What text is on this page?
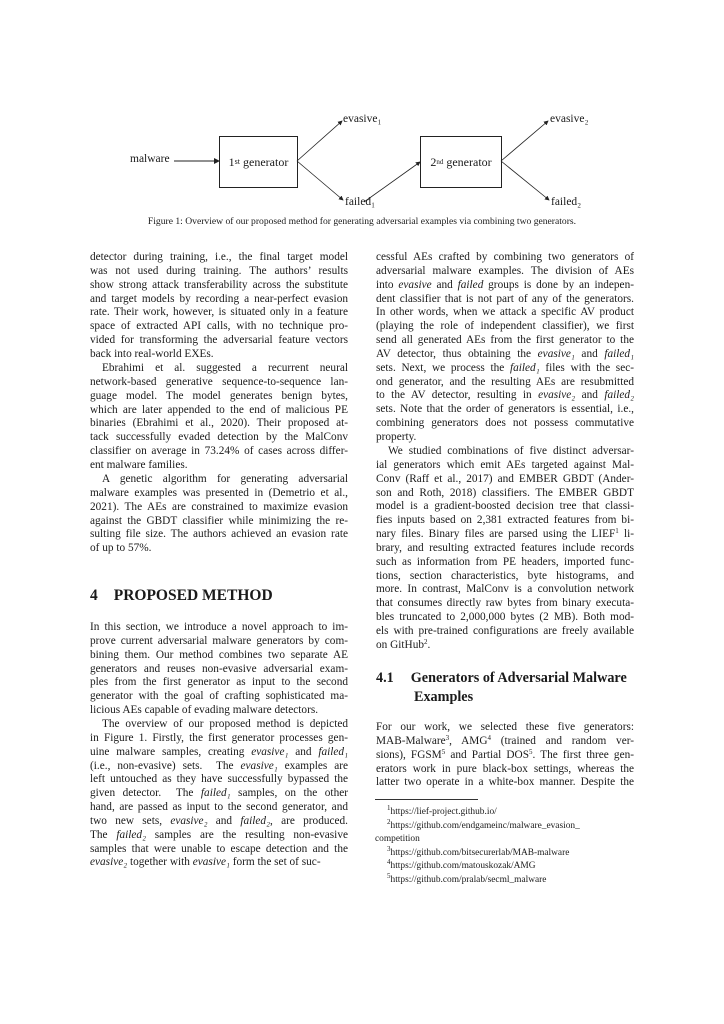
malware	1 st generator	2 nd generator
evasive₁
failed₁
evasive₂
failed₂
Figure 1: Overview of our proposed method for generating adversarial examples via combining two generators.
detector during training, i.e., the final target model
was not used during training. The authors’ results
show strong attack transferability across the substitute
and target models by recording a near-perfect evasion
rate. Their work, however, is situated only in a feature
space of extracted API calls, with no technique pro-
vided for transforming the adversarial feature vectors
back into real-world EXEs.
Ebrahimi et al. suggested a recurrent neural
network-based generative sequence-to-sequence lan-
guage model. The model generates benign bytes,
which are later appended to the end of malicious PE
binaries (Ebrahimi et al., 2020). Their proposed at-
tack successfully evaded detection by the MalConv
classifier on average in 73.24% of cases across differ-
ent malware families.
A genetic algorithm for generating adversarial
malware examples was presented in (Demetrio et al.,
2021). The AEs are constrained to maximize evasion
against the GBDT classifier while minimizing the re-
sulting file size. The authors achieved an evasion rate
of up to 57%.
4 PROPOSED METHOD
In this section, we introduce a novel approach to im-
prove current adversarial malware generators by com-
bining them. Our method combines two separate AE
generators and reuses non-evasive adversarial exam-
ples from the first generator as input to the second
generator with the goal of crafting sophisticated ma-
licious AEs capable of evading malware detectors.
The overview of our proposed method is depicted
in Figure 1. Firstly, the first generator processes gen-
uine malware samples, creating evasive₁ and failed₁
(i.e., non-evasive) sets.  The evasive₁ examples are
left untouched as they have successfully bypassed the
given detector.  The failed₁ samples, on the other
hand, are passed as input to the second generator, and
two new sets, evasive₂ and failed₂, are produced.
The failed₂ samples are the resulting non-evasive
samples that were unable to escape detection and the
evasive₂ together with evasive₁ form the set of suc-
cessful AEs crafted by combining two generators of
adversarial malware examples. The division of AEs
into evasive and failed groups is done by an indepen-
dent classifier that is not part of any of the generators.
In other words, when we attack a specific AV product
(playing the role of independent classifier), we first
send all generated AEs from the first generator to the
AV detector, thus obtaining the evasive₁ and failed₁
sets. Next, we process the failed₁ files with the sec-
ond generator, and the resulting AEs are resubmitted
to the AV detector, resulting in evasive₂ and failed₂
sets. Note that the order of generators is essential, i.e.,
combining generators does not possess commutative
property.
We studied combinations of five distinct adversar-
ial generators which emit AEs targeted against Mal-
Conv (Raff et al., 2017) and EMBER GBDT (Ander-
son and Roth, 2018) classifiers. The EMBER GBDT
model is a gradient-boosted decision tree that classi-
fies inputs based on 2,381 extracted features from bi-
nary files. Binary files are parsed using the LIEF$^1$ li-
brary, and resulting extracted features include records
such as information from PE headers, imported func-
tions, section characteristics, byte histograms, and
more. In contrast, MalConv is a convolution network
that consumes directly raw bytes from binary executa-
bles truncated to 2,000,000 bytes (2 MB). Both mod-
els with pre-trained configurations are freely available
on GitHub$^2$.
4.1 Generators of Adversarial Malware
Examples
For our work, we selected these five generators:
MAB-Malware$^3$, AMG$^4$ (trained and random ver-
sions), FGSM$^5$ and Partial DOS$^5$. The first three gen-
erators work in pure black-box settings, whereas the
latter two operate in a white-box manner. Despite the
$^1$https://lief-project.github.io/
$^2$https://github.com/endgameinc/malware_evasion_
competition
$^3$https://github.com/bitsecurerlab/MAB-malware
$^4$https://github.com/matouskozak/AMG
$^5$https://github.com/pralab/secml_malware
